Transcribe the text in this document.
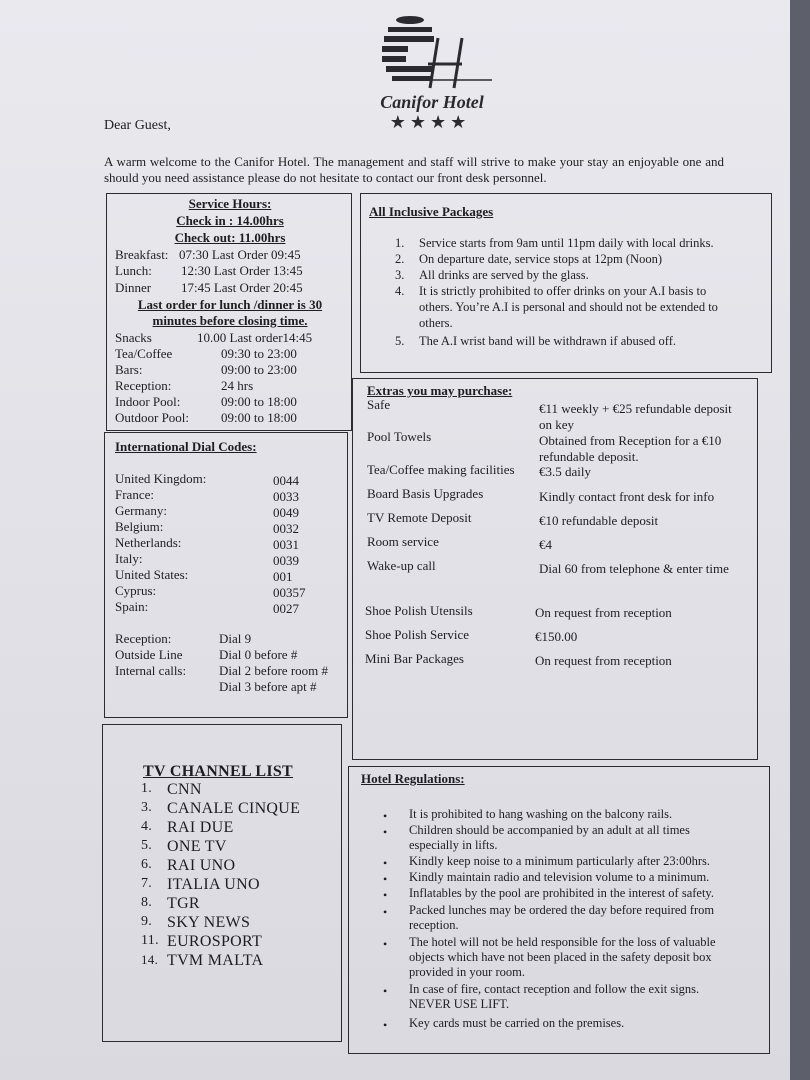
Canifor Hotel
★★★★
Dear Guest,
A warm welcome to the Canifor Hotel. The management and staff will strive to make your stay an enjoyable one and should you need assistance please do not hesitate to contact our front desk personnel.
Service Hours:
Check in : 14.00hrs
Check out: 11.00hrs
Breakfast: 07:30 Last Order 09:45
Lunch: 12:30 Last Order 13:45
Dinner 17:45 Last Order 20:45
Last order for lunch /dinner is 30
minutes before closing time.
Snacks	10.00 Last order14:45
Tea/Coffee	09:30 to 23:00
Bars:	09:00 to 23:00
Reception:	24 hrs
Indoor Pool:	09:00 to 18:00
Outdoor Pool: 09:00 to 18:00
All Inclusive Packages
1. Service starts from 9am until 11pm daily with local drinks.
2. On departure date, service stops at 12pm (Noon)
3. All drinks are served by the glass.
4. It is strictly prohibited to offer drinks on your A.I basis to
others. You’re A.I is personal and should not be extended to
others.
5. The A.I wrist band will be withdrawn if abused off.
International Dial Codes:
United Kingdom:	0044
France:	0033
Germany:	0049
Belgium:	0032
Netherlands:	0031
Italy:	0039
United States:	001
Cyprus:	00357
Spain:	0027
Reception:	Dial 9
Outside Line	Dial 0 before #
Internal calls:	Dial 2 before room #
Dial 3 before apt #
Extras you may purchase:
Safe	€11 weekly + €25 refundable deposit
on key
Pool Towels	Obtained from Reception for a €10
refundable deposit.
Tea/Coffee making facilities €3.5 daily
Board Basis Upgrades	Kindly contact front desk for info
TV Remote Deposit	€10 refundable deposit
Room service	€4
Wake-up call	Dial 60 from telephone & enter time
Shoe Polish Utensils	On request from reception
Shoe Polish Service	€150.00
Mini Bar Packages	On request from reception
TV CHANNEL LIST
1. CNN
3. CANALE CINQUE
4. RAI DUE
5. ONE TV
6. RAI UNO
7. ITALIA UNO
8. TGR
9. SKY NEWS
11. EUROSPORT
14. TVM MALTA
Hotel Regulations:
• It is prohibited to hang washing on the balcony rails.
• Children should be accompanied by an adult at all times
especially in lifts.
• Kindly keep noise to a minimum particularly after 23:00hrs.
• Kindly maintain radio and television volume to a minimum.
• Inflatables by the pool are prohibited in the interest of safety.
• Packed lunches may be ordered the day before required from
reception.
• The hotel will not be held responsible for the loss of valuable
objects which have not been placed in the safety deposit box
provided in your room.
• In case of fire, contact reception and follow the exit signs.
NEVER USE LIFT.
• Key cards must be carried on the premises.
